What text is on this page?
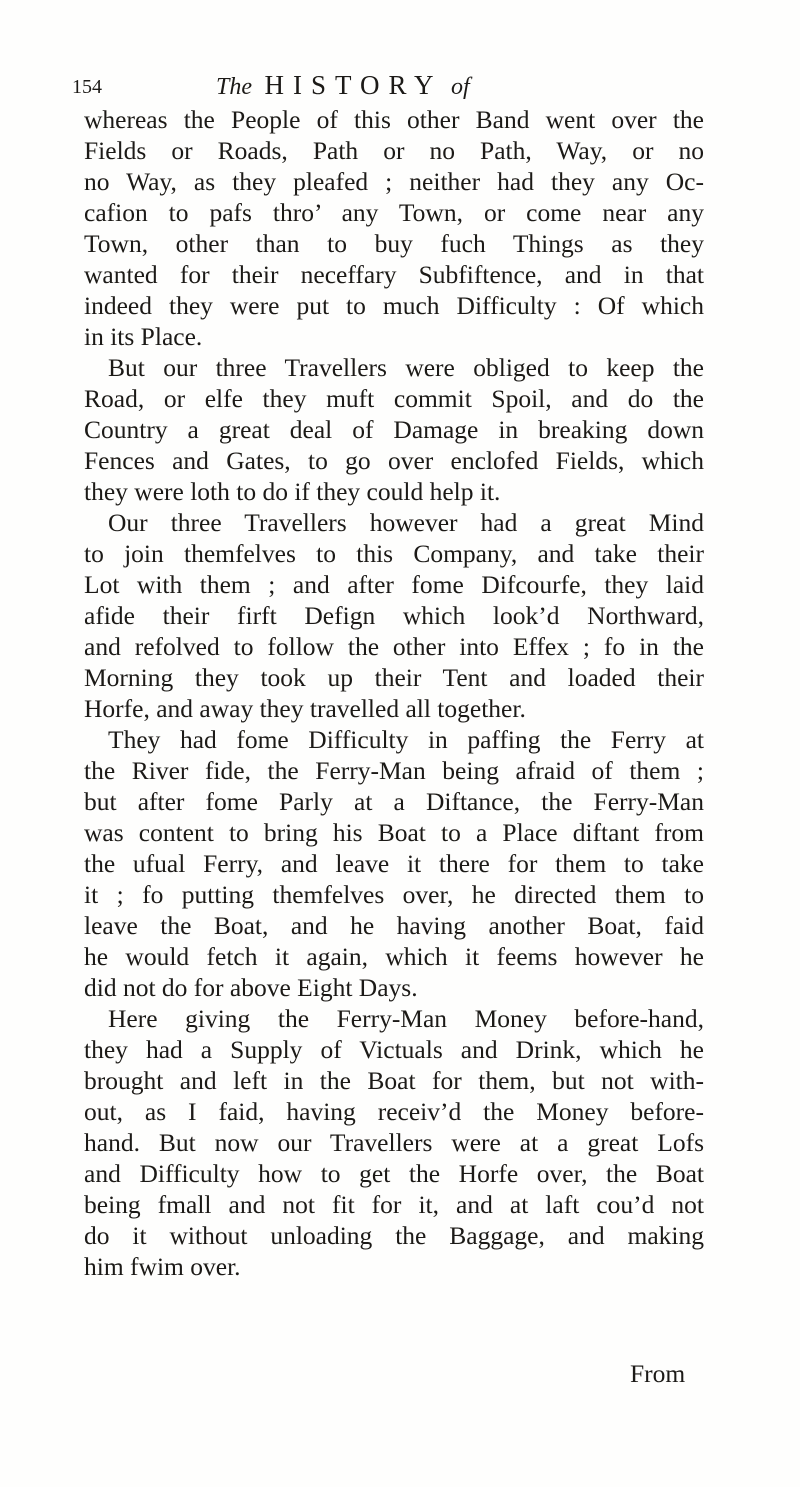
154	The HISTORY of
whereas the People of this other Band went over the
Fields or Roads, Path or no Path, Way, or no
no Way, as they pleafed ; neither had they any Oc-
cafion to pafs thro’ any Town, or come near any
Town, other than to buy fuch Things as they
wanted for their neceffary Subfiftence, and in that
indeed they were put to much Difficulty : Of which
in its Place.
But our three Travellers were obliged to keep the
Road, or elfe they muft commit Spoil, and do the
Country a great deal of Damage in breaking down
Fences and Gates, to go over enclofed Fields, which
they were loth to do if they could help it.
Our three Travellers however had a great Mind
to join themfelves to this Company, and take their
Lot with them ; and after fome Difcourfe, they laid
afide their firft Defign which look’d Northward,
and refolved to follow the other into Effex ; fo in the
Morning they took up their Tent and loaded their
Horfe, and away they travelled all together.
They had fome Difficulty in paffing the Ferry at
the River fide, the Ferry-Man being afraid of them ;
but after fome Parly at a Diftance, the Ferry-Man
was content to bring his Boat to a Place diftant from
the ufual Ferry, and leave it there for them to take
it ; fo putting themfelves over, he directed them to
leave the Boat, and he having another Boat, faid
he would fetch it again, which it feems however he
did not do for above Eight Days.
Here giving the Ferry-Man Money before-hand,
they had a Supply of Victuals and Drink, which he
brought and left in the Boat for them, but not with-
out, as I faid, having receiv’d the Money before-
hand. But now our Travellers were at a great Lofs
and Difficulty how to get the Horfe over, the Boat
being fmall and not fit for it, and at laft cou’d not
do it without unloading the Baggage, and making
him fwim over.
From
